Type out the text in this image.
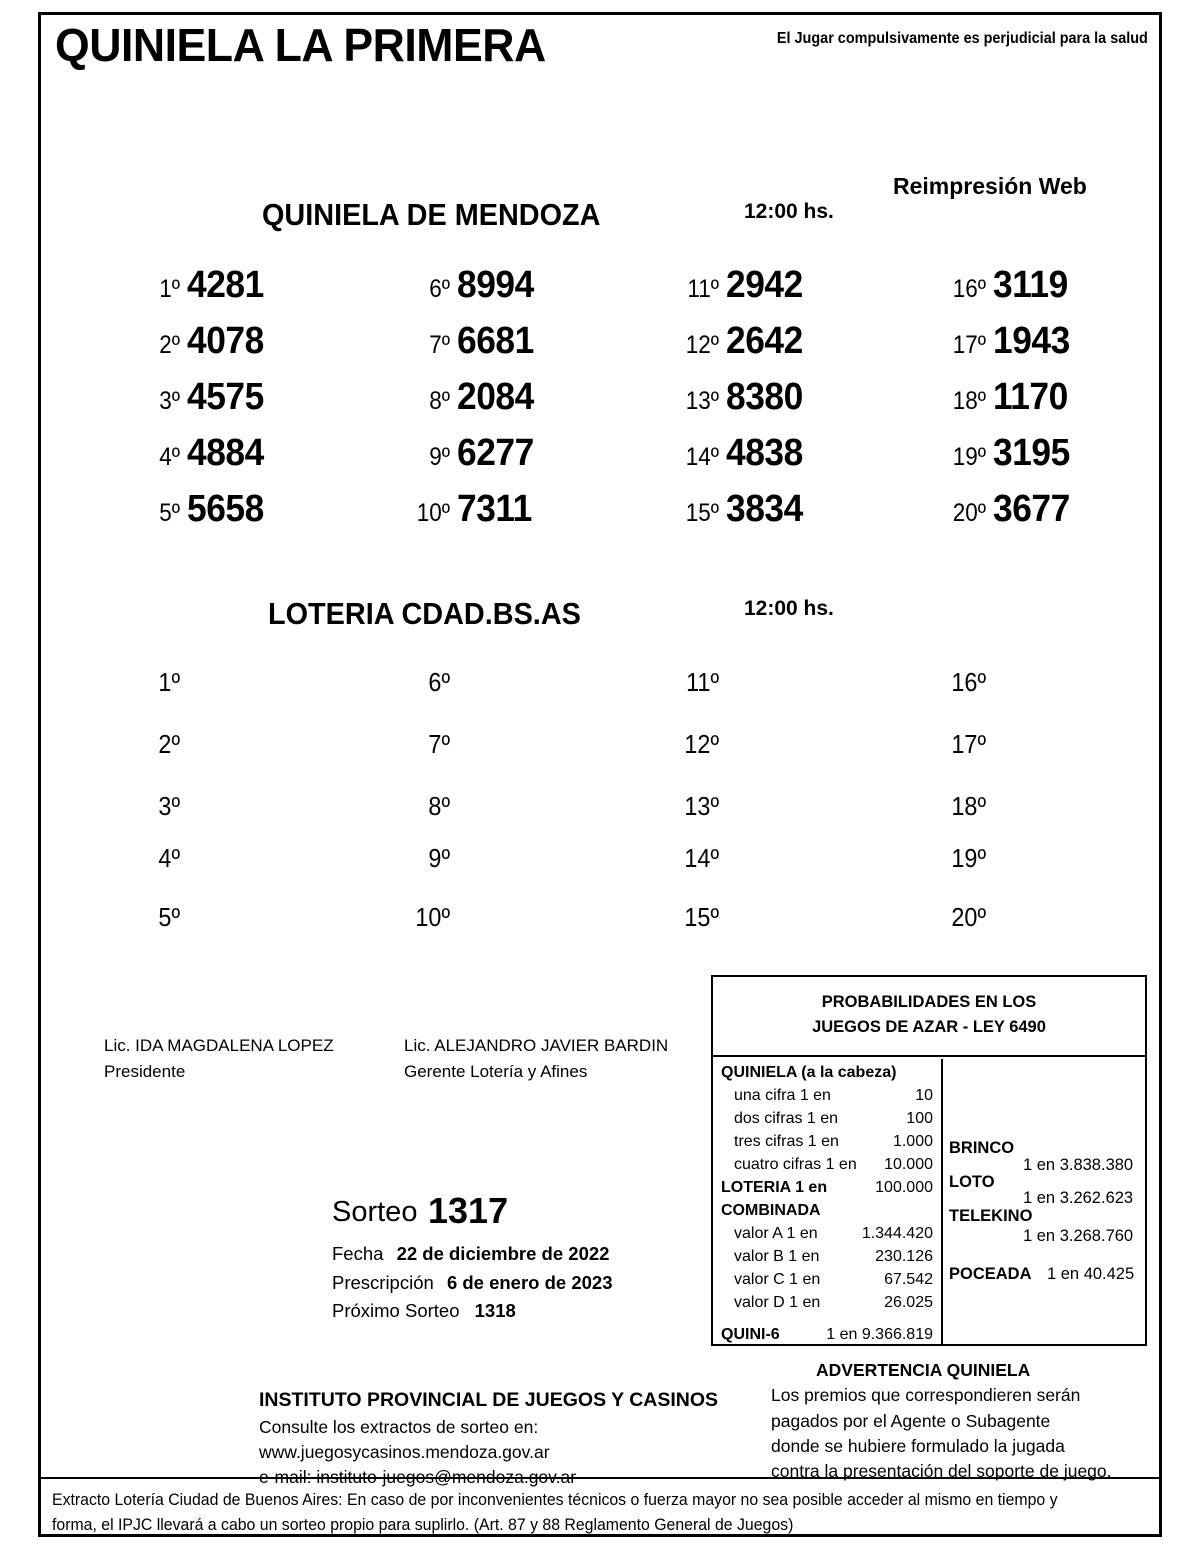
QUINIELA LA PRIMERA	El Jugar compulsivamente es perjudicial para la salud
Reimpresión Web
QUINIELA DE MENDOZA	12:00 hs.
1º 4281
2º 4078
3º 4575
4º 4884
5º 5658
6º 8994
7º 6681
8º 2084
9º 6277
10º 7311
11º 2942
12º 2642
13º 8380
14º 4838
15º 3834
16º 3119
17º 1943
18º 1170
19º 3195
20º 3677
LOTERIA CDAD.BS.AS	12:00 hs.
1º
2º
3º
4º
5º
6º
7º
8º
9º
10º
11º
12º
13º
14º
15º
16º
17º
18º
19º
20º
Lic. IDA MAGDALENA LOPEZ
Presidente
Lic. ALEJANDRO JAVIER BARDIN
Gerente Lotería y Afines
Sorteo 1317
Fecha 22 de diciembre de 2022
Prescripción 6 de enero de 2023
Próximo Sorteo 1318
PROBABILIDADES EN LOS
JUEGOS DE AZAR - LEY 6490
QUINIELA (a la cabeza)
una cifra 1 en	10
dos cifras 1 en	100
tres cifras 1 en	1.000
cuatro cifras 1 en 10.000
LOTERIA 1 en	100.000
COMBINADA
valor A 1 en	1.344.420
valor B 1 en	230.126
valor C 1 en	67.542
valor D 1 en	26.025
QUINI-6	1 en 9.366.819
BRINCO
1 en 3.838.380
LOTO
1 en 3.262.623
TELEKINO
1 en 3.268.760
POCEADA 1 en 40.425
INSTITUTO PROVINCIAL DE JUEGOS Y CASINOS
Consulte los extractos de sorteo en:
www.juegosycasinos.mendoza.gov.ar
e-mail: instituto-juegos@mendoza.gov.ar
ADVERTENCIA QUINIELA
Los premios que correspondieren serán
pagados por el Agente o Subagente
donde se hubiere formulado la jugada
contra la presentación del soporte de juego.
Extracto Lotería Ciudad de Buenos Aires: En caso de por inconvenientes técnicos o fuerza mayor no sea posible acceder al mismo en tiempo y
forma, el IPJC llevará a cabo un sorteo propio para suplirlo. (Art. 87 y 88 Reglamento General de Juegos)
